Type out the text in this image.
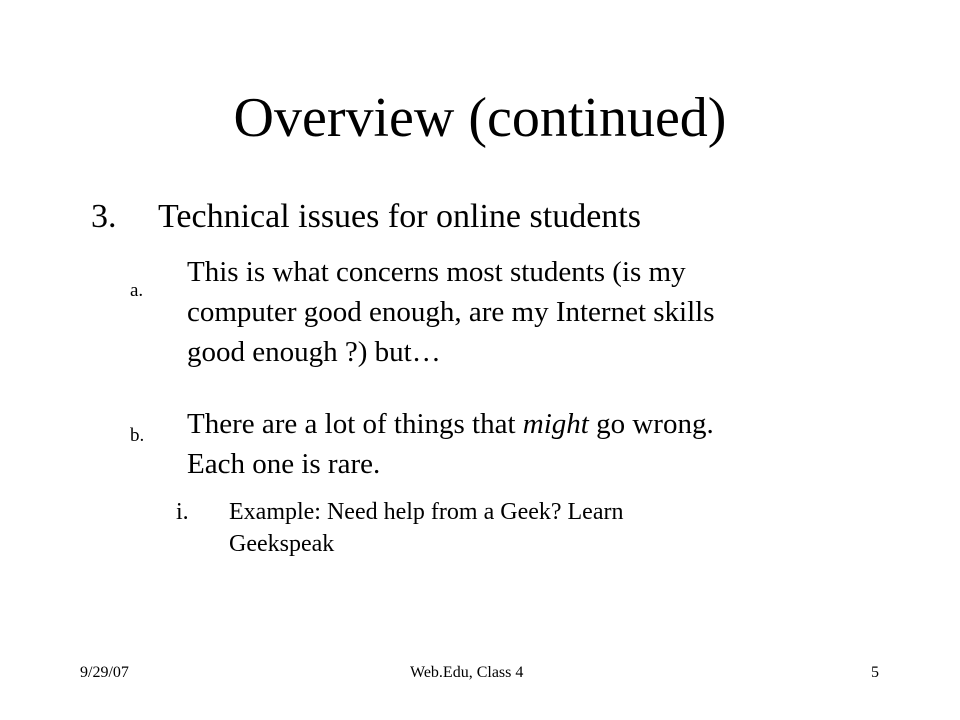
Overview (continued)
3. Technical issues for online students
a.
This is what concerns most students (is my
computer good enough, are my Internet skills
good enough ?) but…
b. There are a lot of things that might go wrong.
Each one is rare.
i. Example: Need help from a Geek? Learn
Geekspeak
9/29/07	Web.Edu, Class 4	5
